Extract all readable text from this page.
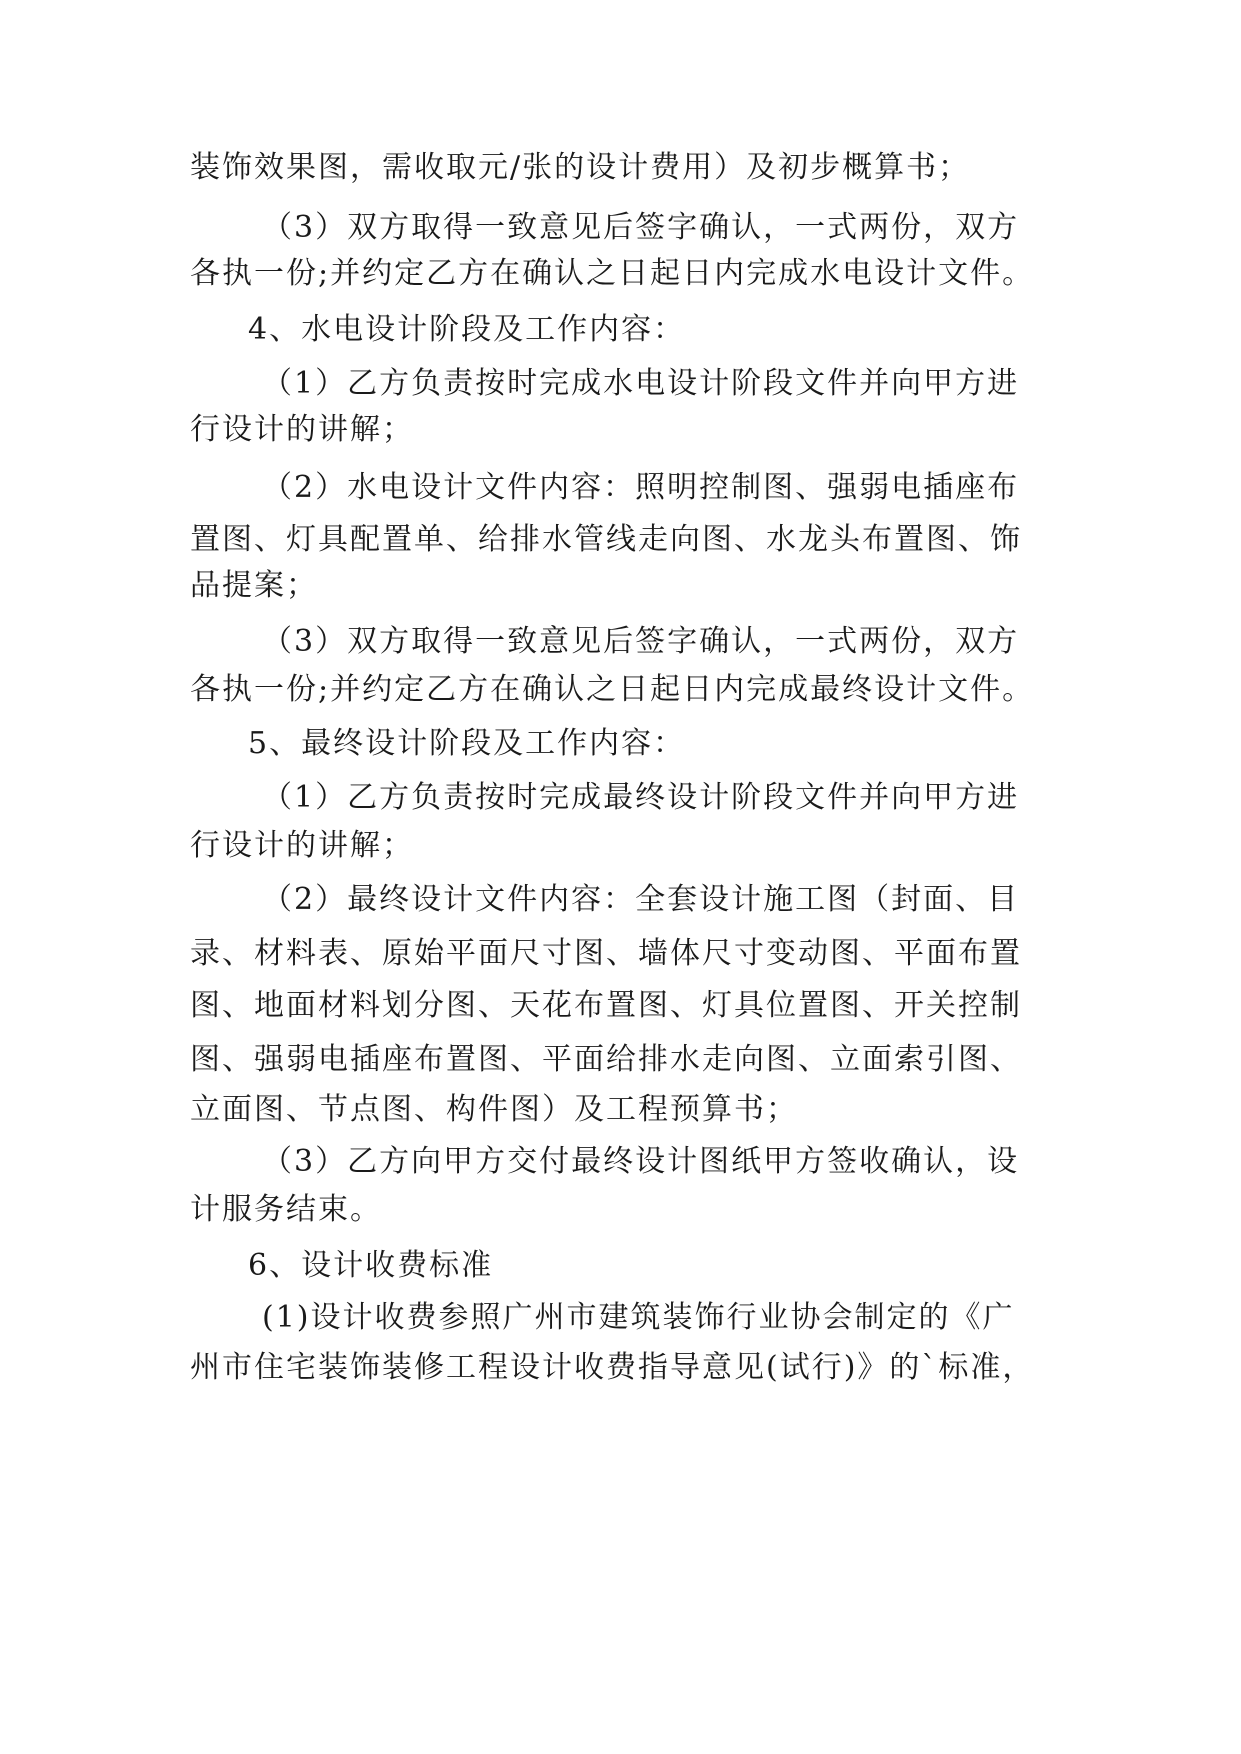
装饰效果图，需收取元/张的设计费用）及初步概算书；
（3）双方取得一致意见后签字确认，一式两份，双方
各执一份;并约定乙方在确认之日起日内完成水电设计文件。
4、水电设计阶段及工作内容：
（1）乙方负责按时完成水电设计阶段文件并向甲方进
行设计的讲解；
（2）水电设计文件内容：照明控制图、强弱电插座布
置图、灯具配置单、给排水管线走向图、水龙头布置图、饰
品提案；
（3）双方取得一致意见后签字确认，一式两份，双方
各执一份;并约定乙方在确认之日起日内完成最终设计文件。
5、最终设计阶段及工作内容：
（1）乙方负责按时完成最终设计阶段文件并向甲方进
行设计的讲解；
（2）最终设计文件内容：全套设计施工图（封面、目
录、材料表、原始平面尺寸图、墙体尺寸变动图、平面布置
图、地面材料划分图、天花布置图、灯具位置图、开关控制
图、强弱电插座布置图、平面给排水走向图、立面索引图、
立面图、节点图、构件图）及工程预算书；
（3）乙方向甲方交付最终设计图纸甲方签收确认，设
计服务结束。
6、设计收费标准
(1)设计收费参照广州市建筑装饰行业协会制定的《广
州市住宅装饰装修工程设计收费指导意见(试行)》的`标准，
